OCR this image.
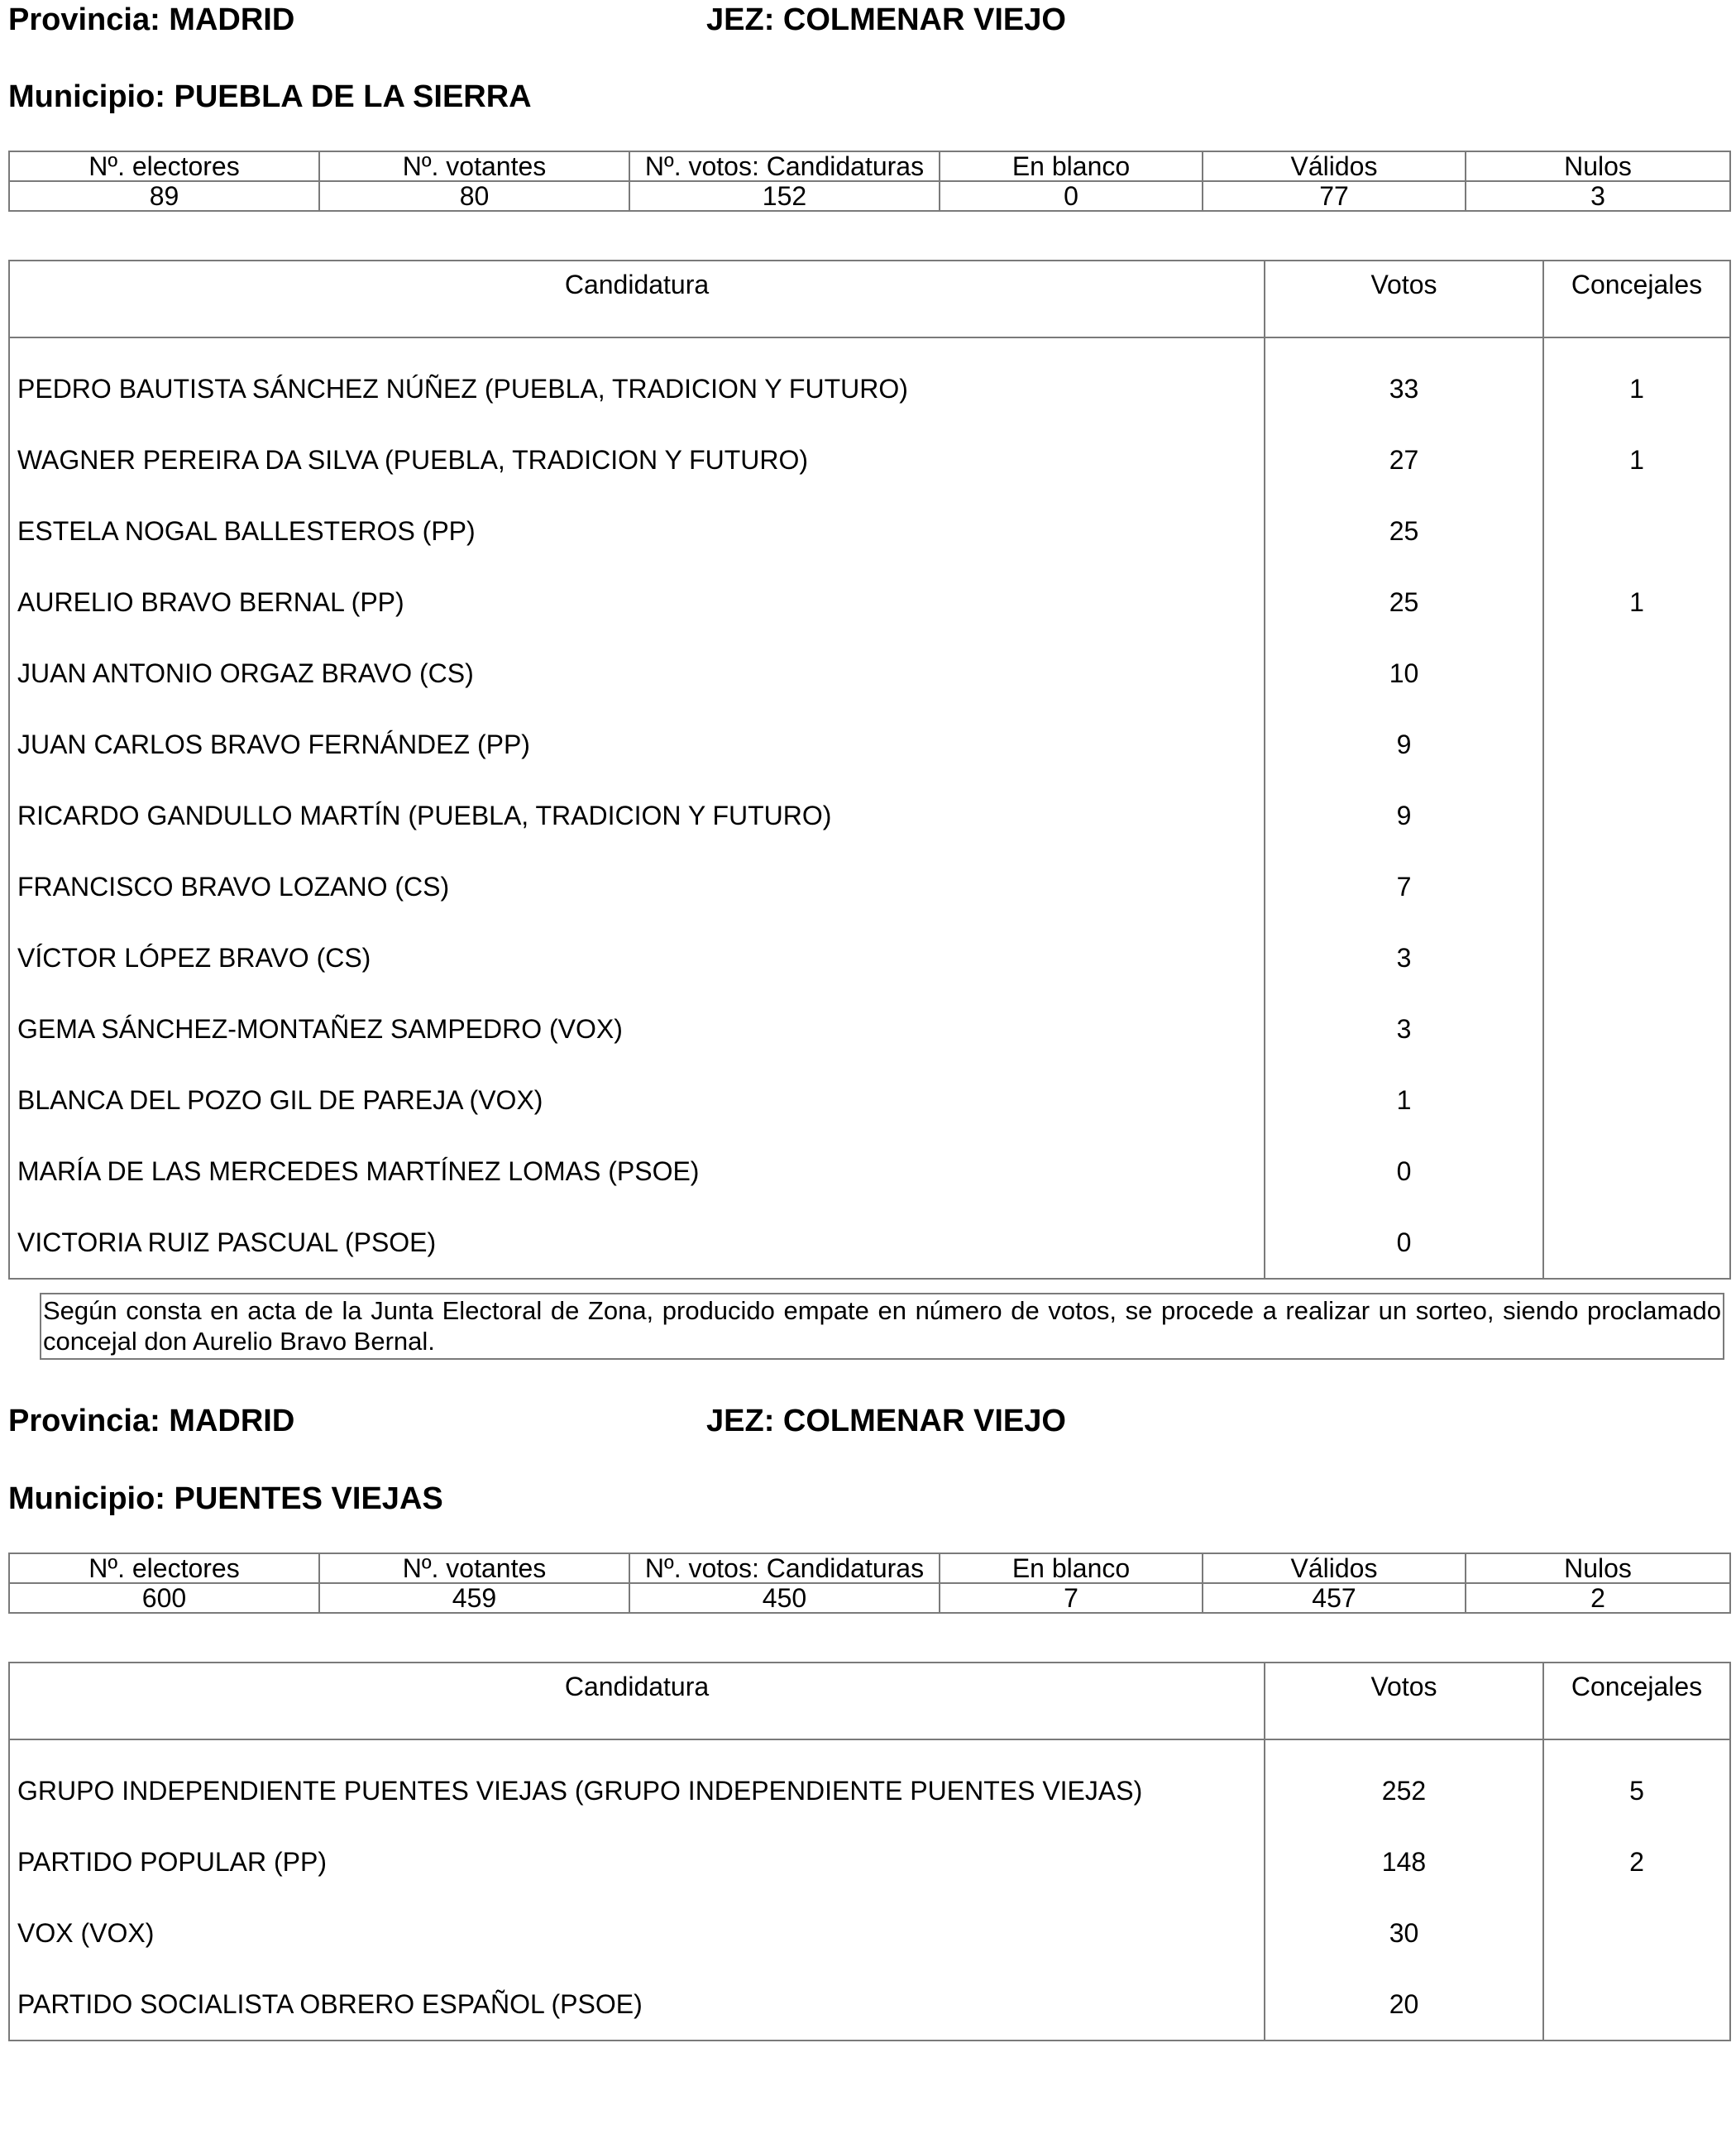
Provincia: MADRID	JEZ: COLMENAR VIEJO
Municipio: PUEBLA DE LA SIERRA
Nº. electores	Nº. votantes	Nº. votos: Candidaturas	En blanco	Válidos	Nulos
89	80	152	0	77	3
Candidatura	Votos	Concejales
PEDRO BAUTISTA SÁNCHEZ NÚÑEZ (PUEBLA, TRADICION Y FUTURO)	33	1
WAGNER PEREIRA DA SILVA (PUEBLA, TRADICION Y FUTURO)	27	1
ESTELA NOGAL BALLESTEROS (PP)	25	
AURELIO BRAVO BERNAL (PP)	25	1
JUAN ANTONIO ORGAZ BRAVO (CS)	10	
JUAN CARLOS BRAVO FERNÁNDEZ (PP)	9	
RICARDO GANDULLO MARTÍN (PUEBLA, TRADICION Y FUTURO)	9	
FRANCISCO BRAVO LOZANO (CS)	7	
VÍCTOR LÓPEZ BRAVO (CS)	3	
GEMA SÁNCHEZ-MONTAÑEZ SAMPEDRO (VOX)	3	
BLANCA DEL POZO GIL DE PAREJA (VOX)	1	
MARÍA DE LAS MERCEDES MARTÍNEZ LOMAS (PSOE)	0	
VICTORIA RUIZ PASCUAL (PSOE)	0	
Según consta en acta de la Junta Electoral de Zona, producido empate en número de votos, se procede a realizar un sorteo, siendo proclamado concejal don Aurelio Bravo Bernal.
Provincia: MADRID	JEZ: COLMENAR VIEJO
Municipio: PUENTES VIEJAS
Nº. electores	Nº. votantes	Nº. votos: Candidaturas	En blanco	Válidos	Nulos
600	459	450	7	457	2
Candidatura	Votos	Concejales
GRUPO INDEPENDIENTE PUENTES VIEJAS (GRUPO INDEPENDIENTE PUENTES VIEJAS)	252	5
PARTIDO POPULAR (PP)	148	2
VOX (VOX)	30	
PARTIDO SOCIALISTA OBRERO ESPAÑOL (PSOE)	20	
